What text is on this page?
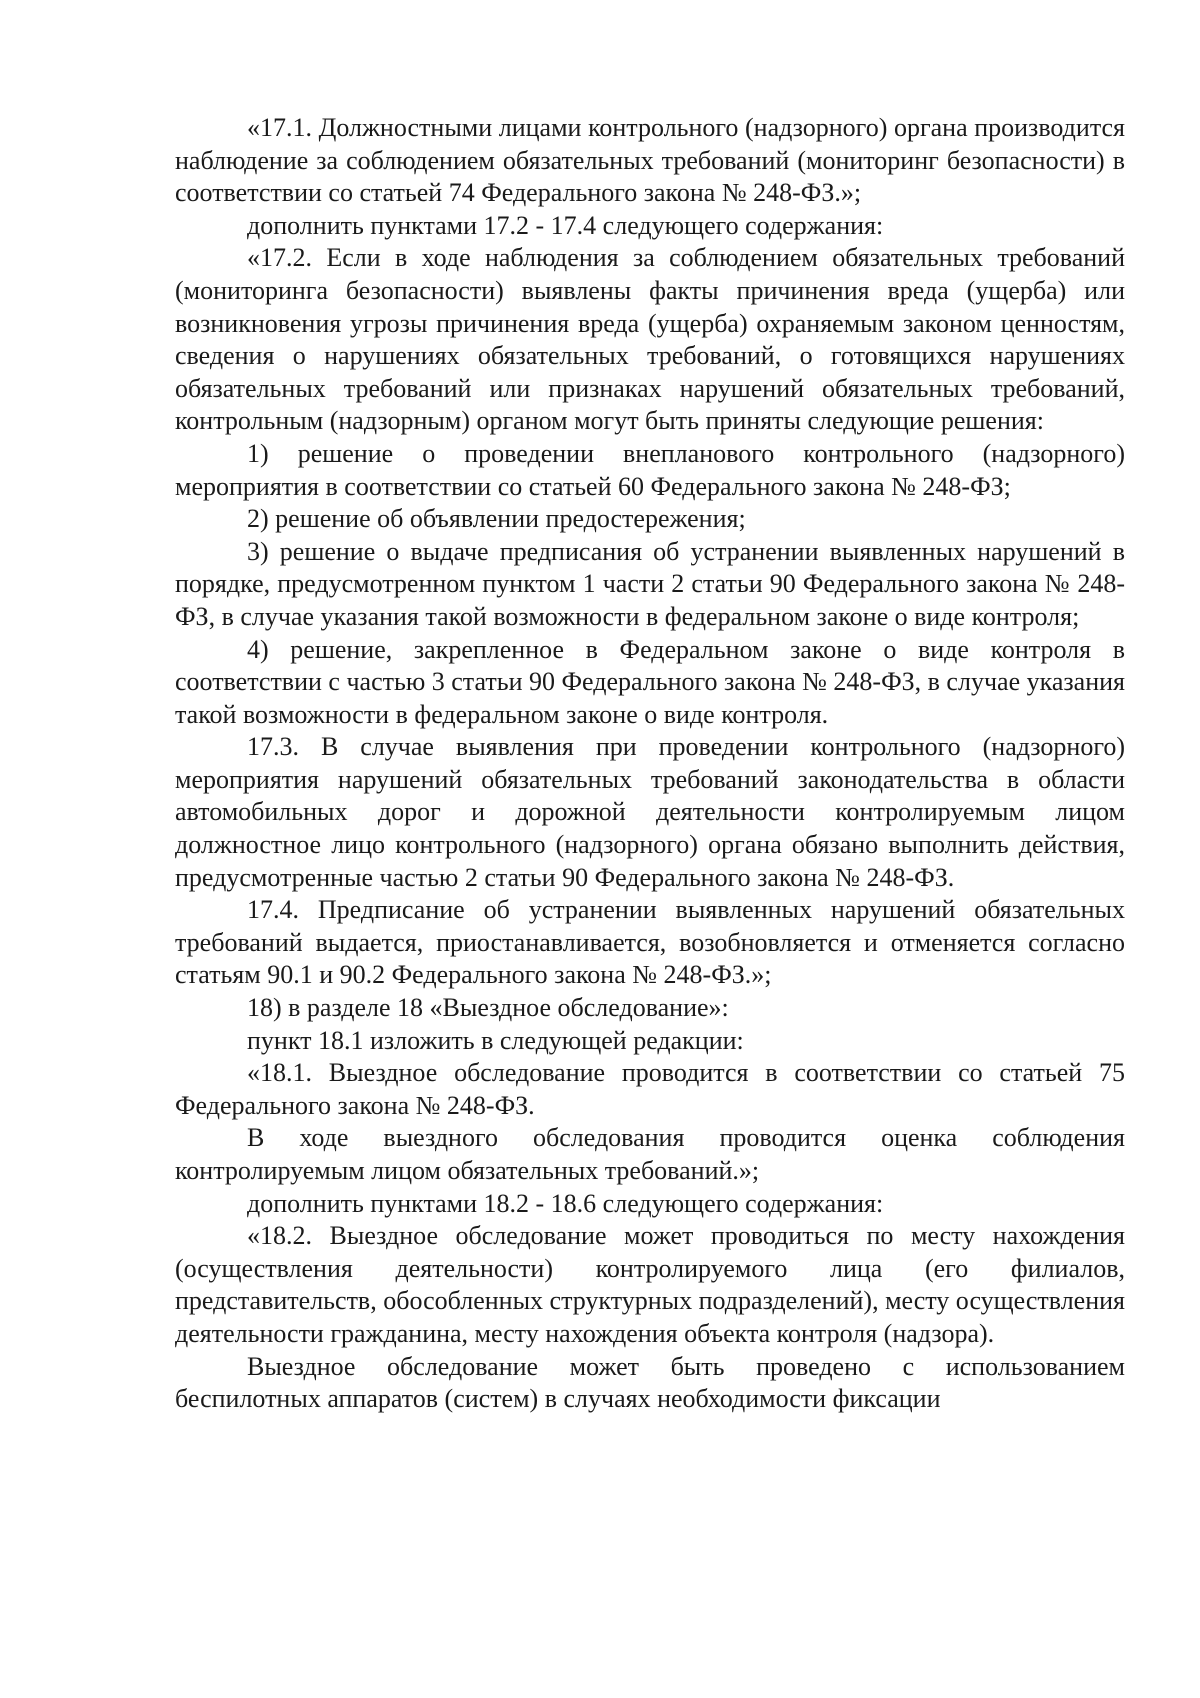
«17.1. Должностными лицами контрольного (надзорного) органа производится наблюдение за соблюдением обязательных требований (мониторинг безопасности) в соответствии со статьей 74 Федерального закона № 248-ФЗ.»;

дополнить пунктами 17.2 - 17.4 следующего содержания:

«17.2. Если в ходе наблюдения за соблюдением обязательных требований (мониторинга безопасности) выявлены факты причинения вреда (ущерба) или возникновения угрозы причинения вреда (ущерба) охраняемым законом ценностям, сведения о нарушениях обязательных требований, о готовящихся нарушениях обязательных требований или признаках нарушений обязательных требований, контрольным (надзорным) органом могут быть приняты следующие решения:

1) решение о проведении внепланового контрольного (надзорного) мероприятия в соответствии со статьей 60 Федерального закона № 248-ФЗ;

2) решение об объявлении предостережения;

3) решение о выдаче предписания об устранении выявленных нарушений в порядке, предусмотренном пунктом 1 части 2 статьи 90 Федерального закона № 248-ФЗ, в случае указания такой возможности в федеральном законе о виде контроля;

4) решение, закрепленное в Федеральном законе о виде контроля в соответствии с частью 3 статьи 90 Федерального закона № 248-ФЗ, в случае указания такой возможности в федеральном законе о виде контроля.

17.3. В случае выявления при проведении контрольного (надзорного) мероприятия нарушений обязательных требований законодательства в области автомобильных дорог и дорожной деятельности контролируемым лицом должностное лицо контрольного (надзорного) органа обязано выполнить действия, предусмотренные частью 2 статьи 90 Федерального закона № 248-ФЗ.

17.4. Предписание об устранении выявленных нарушений обязательных требований выдается, приостанавливается, возобновляется и отменяется согласно статьям 90.1 и 90.2 Федерального закона № 248-ФЗ.»;

18) в разделе 18 «Выездное обследование»:

пункт 18.1 изложить в следующей редакции:

«18.1. Выездное обследование проводится в соответствии со статьей 75 Федерального закона № 248-ФЗ.

В ходе выездного обследования проводится оценка соблюдения контролируемым лицом обязательных требований.»;

дополнить пунктами 18.2 - 18.6 следующего содержания:

«18.2. Выездное обследование может проводиться по месту нахождения (осуществления деятельности) контролируемого лица (его филиалов, представительств, обособленных структурных подразделений), месту осуществления деятельности гражданина, месту нахождения объекта контроля (надзора).

Выездное обследование может быть проведено с использованием беспилотных аппаратов (систем) в случаях необходимости фиксации
